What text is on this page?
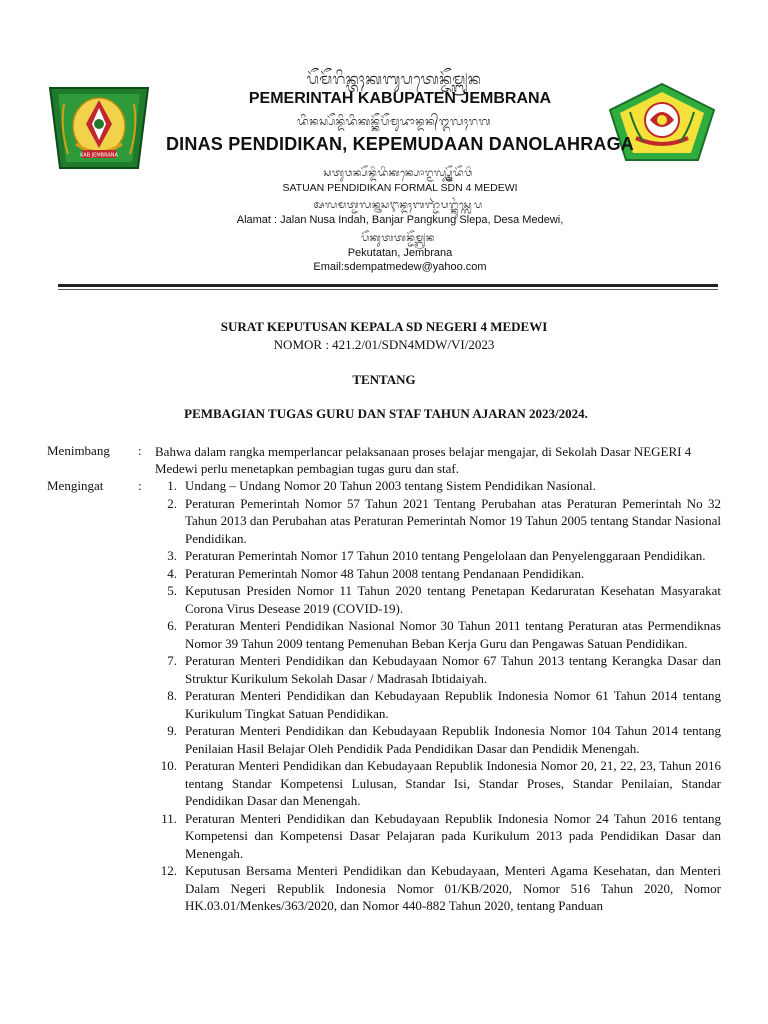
KAB JEMBRANA
ᬧᭂᬫᭂᬭᬶᬦ᭄ᬢᬄᬓᬩᬸᬧᬢᬾᬦ᭄ᬚᭂᬫ᭄ᬩ᭄ᬭᬦ
PEMERINTAH KABUPATEN JEMBRANA
ᬤᬶᬦᬲ᭄ᬧᭂᬦ᭄ᬤᬶᬤᬶᬓᬦ᭄ᬓᭂᬧᭂᬫᬸᬤᬵᬦ᭄ᬤᬦ᭄ᬑᬮᬄᬭᬕ
DINAS PENDIDIKAN, KEPEMUDAAN DANOLAHRAGA
ᬲᬢᬸᬯᬦ᭄ᬧᭂᬦ᭄ᬤᬶᬤᬶᬓᬦ᭄ᬧᭀᬭ᭄ᬫᬮ᭄ᬲ᭄ᬤ᭄ᬦ᭄ᬫᭂᬤᭂᬯᬶ
SATUAN PENDIDIKAN FORMAL SDN 4 MEDEWI
ᬅᬮᬫᬢ᭄ᬚᬮᬦ᭄ᬦᬸᬲᬇᬦ᭄ᬤᬄᬩᬜ᭄ᬚᬃᬧᬗ᭄ᬓᬸᬂᬲ᭄ᬮᬾᬧ
Alamat : Jalan Nusa Indah, Banjar Pangkung Slepa, Desa Medewi,
ᬧᭂᬓᬸᬢᬢᬦ᭄ᬚᭂᬫ᭄ᬩ᭄ᬭᬦ
Pekutatan, Jembrana
Email:sdempatmedew@yahoo.com
SURAT KEPUTUSAN KEPALA SD NEGERI 4 MEDEWI
NOMOR : 421.2/01/SDN4MDW/VI/2023
TENTANG
PEMBAGIAN TUGAS GURU DAN STAF TAHUN AJARAN 2023/2024.
Menimbang : Bahwa dalam rangka memperlancar pelaksanaan proses belajar mengajar, di Sekolah Dasar NEGERI 4 Medewi perlu menetapkan pembagian tugas guru dan staf.
Mengingat	:	1. Undang – Undang Nomor 20 Tahun 2003 tentang Sistem Pendidikan Nasional.
2. Peraturan Pemerintah Nomor 57 Tahun 2021 Tentang Perubahan atas Peraturan Pemerintah No 32 Tahun 2013 dan Perubahan atas Peraturan Pemerintah Nomor 19 Tahun 2005 tentang Standar Nasional Pendidikan.
3. Peraturan Pemerintah Nomor 17 Tahun 2010 tentang Pengelolaan dan Penyelenggaraan Pendidikan.
4. Peraturan Pemerintah Nomor 48 Tahun 2008 tentang Pendanaan Pendidikan.
5. Keputusan Presiden Nomor 11 Tahun 2020 tentang Penetapan Kedaruratan Kesehatan Masyarakat Corona Virus Desease 2019 (COVID-19).
6. Peraturan Menteri Pendidikan Nasional Nomor 30 Tahun 2011 tentang Peraturan atas Permendiknas Nomor 39 Tahun 2009 tentang Pemenuhan Beban Kerja Guru dan Pengawas Satuan Pendidikan.
7. Peraturan Menteri Pendidikan dan Kebudayaan Nomor 67 Tahun 2013 tentang Kerangka Dasar dan Struktur Kurikulum Sekolah Dasar / Madrasah Ibtidaiyah.
8. Peraturan Menteri Pendidikan dan Kebudayaan Republik Indonesia Nomor 61 Tahun 2014 tentang Kurikulum Tingkat Satuan Pendidikan.
9. Peraturan Menteri Pendidikan dan Kebudayaan Republik Indonesia Nomor 104 Tahun 2014 tentang Penilaian Hasil Belajar Oleh Pendidik Pada Pendidikan Dasar dan Pendidik Menengah.
10. Peraturan Menteri Pendidikan dan Kebudayaan Republik Indonesia Nomor 20, 21, 22, 23, Tahun 2016 tentang Standar Kompetensi Lulusan, Standar Isi, Standar Proses, Standar Penilaian, Standar Pendidikan Dasar dan Menengah.
11. Peraturan Menteri Pendidikan dan Kebudayaan Republik Indonesia Nomor 24 Tahun 2016 tentang Kompetensi dan Kompetensi Dasar Pelajaran pada Kurikulum 2013 pada Pendidikan Dasar dan Menengah.
12. Keputusan Bersama Menteri Pendidikan dan Kebudayaan, Menteri Agama Kesehatan, dan Menteri Dalam Negeri Republik Indonesia Nomor 01/KB/2020, Nomor 516 Tahun 2020, Nomor HK.03.01/Menkes/363/2020, dan Nomor 440-882 Tahun 2020, tentang Panduan
